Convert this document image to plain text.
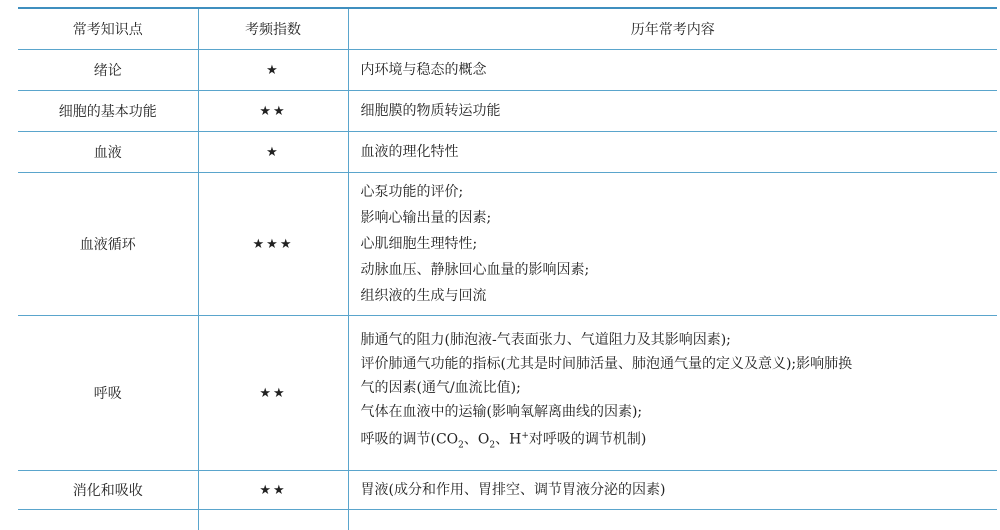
常考知识点	考频指数	历年常考内容
绪论	★	内环境与稳态的概念

细胞的基本功能	★★	细胞膜的物质转运功能

血液	★	血液的理化特性

血液循环	★★★	心泵功能的评价;
影响心输出量的因素;
心肌细胞生理特性;
动脉血压、静脉回心血量的影响因素;
组织液的生成与回流

呼吸	★★	肺通气的阻力(肺泡液-气表面张力、气道阻力及其影响因素);
评价肺通气功能的指标(尤其是时间肺活量、肺泡通气量的定义及意义);影响肺换
气的因素(通气/血流比值);
气体在血液中的运输(影响氧解离曲线的因素);
呼吸的调节($CO_2$、$O_2$、H+对呼吸的调节机制)

消化和吸收	★★	胃液(成分和作用、胃排空、调节胃液分泌的因素)
